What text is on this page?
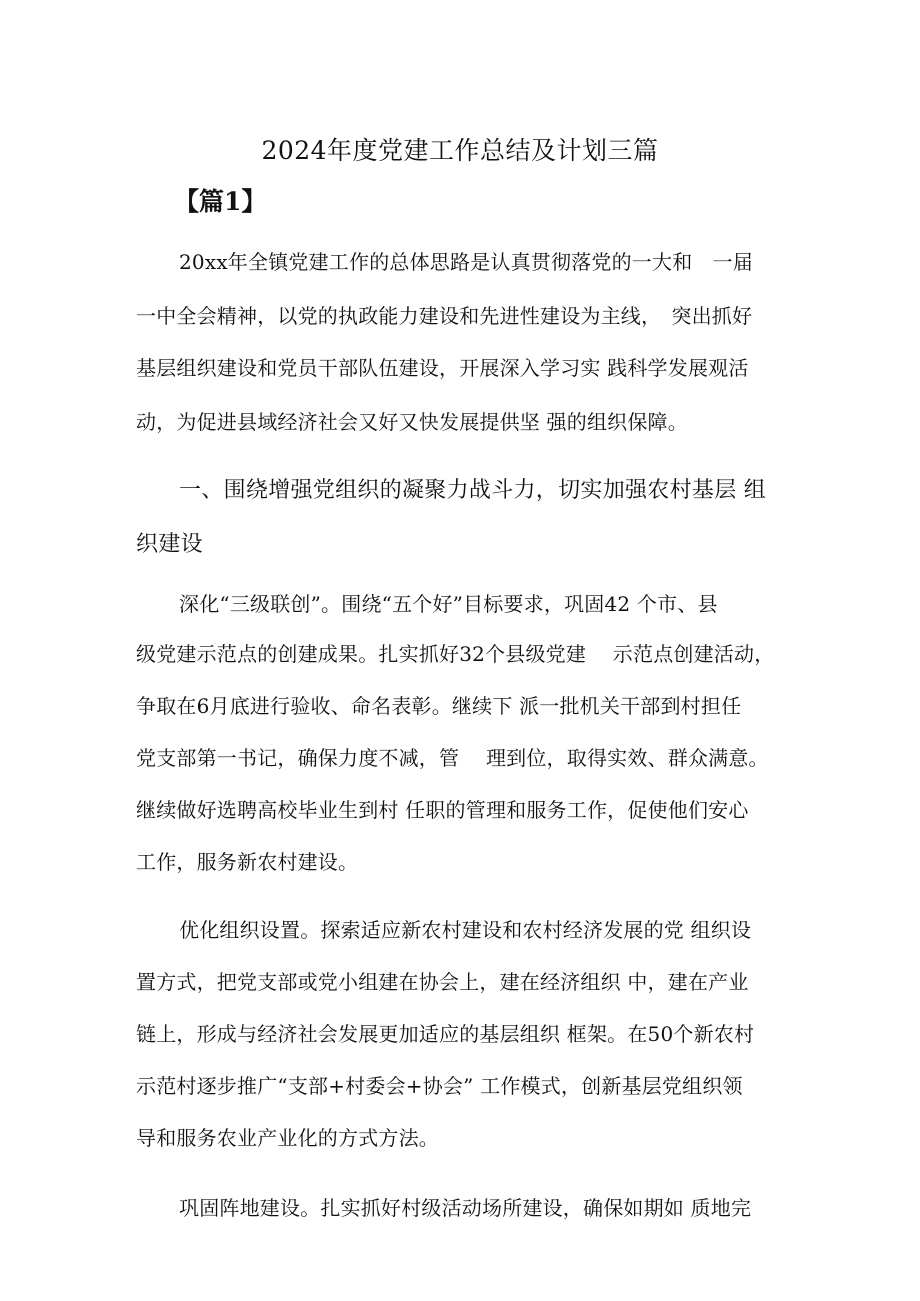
2024年度党建工作总结及计划三篇
【篇1】
20xx年全镇党建工作的总体思路是认真贯彻落党的一大和　一届
一中全会精神，以党的执政能力建设和先进性建设为主线，　突出抓好
基层组织建设和党员干部队伍建设，开展深入学习实 践科学发展观活
动，为促进县域经济社会又好又快发展提供坚 强的组织保障。
一、围绕增强党组织的凝聚力战斗力，切实加强农村基层 组
织建设
深化“三级联创”。围绕“五个好”目标要求，巩固42 个市、县
级党建示范点的创建成果。扎实抓好32个县级党建　 示范点创建活动，
争取在6月底进行验收、命名表彰。继续下 派一批机关干部到村担任
党支部第一书记，确保力度不减，管　 理到位，取得实效、群众满意。
继续做好选聘高校毕业生到村 任职的管理和服务工作，促使他们安心
工作，服务新农村建设。
优化组织设置。探索适应新农村建设和农村经济发展的党 组织设
置方式，把党支部或党小组建在协会上，建在经济组织 中，建在产业
链上，形成与经济社会发展更加适应的基层组织 框架。在50个新农村
示范村逐步推广“支部+村委会+协会” 工作模式，创新基层党组织领
导和服务农业产业化的方式方法。
巩固阵地建设。扎实抓好村级活动场所建设，确保如期如 质地完
